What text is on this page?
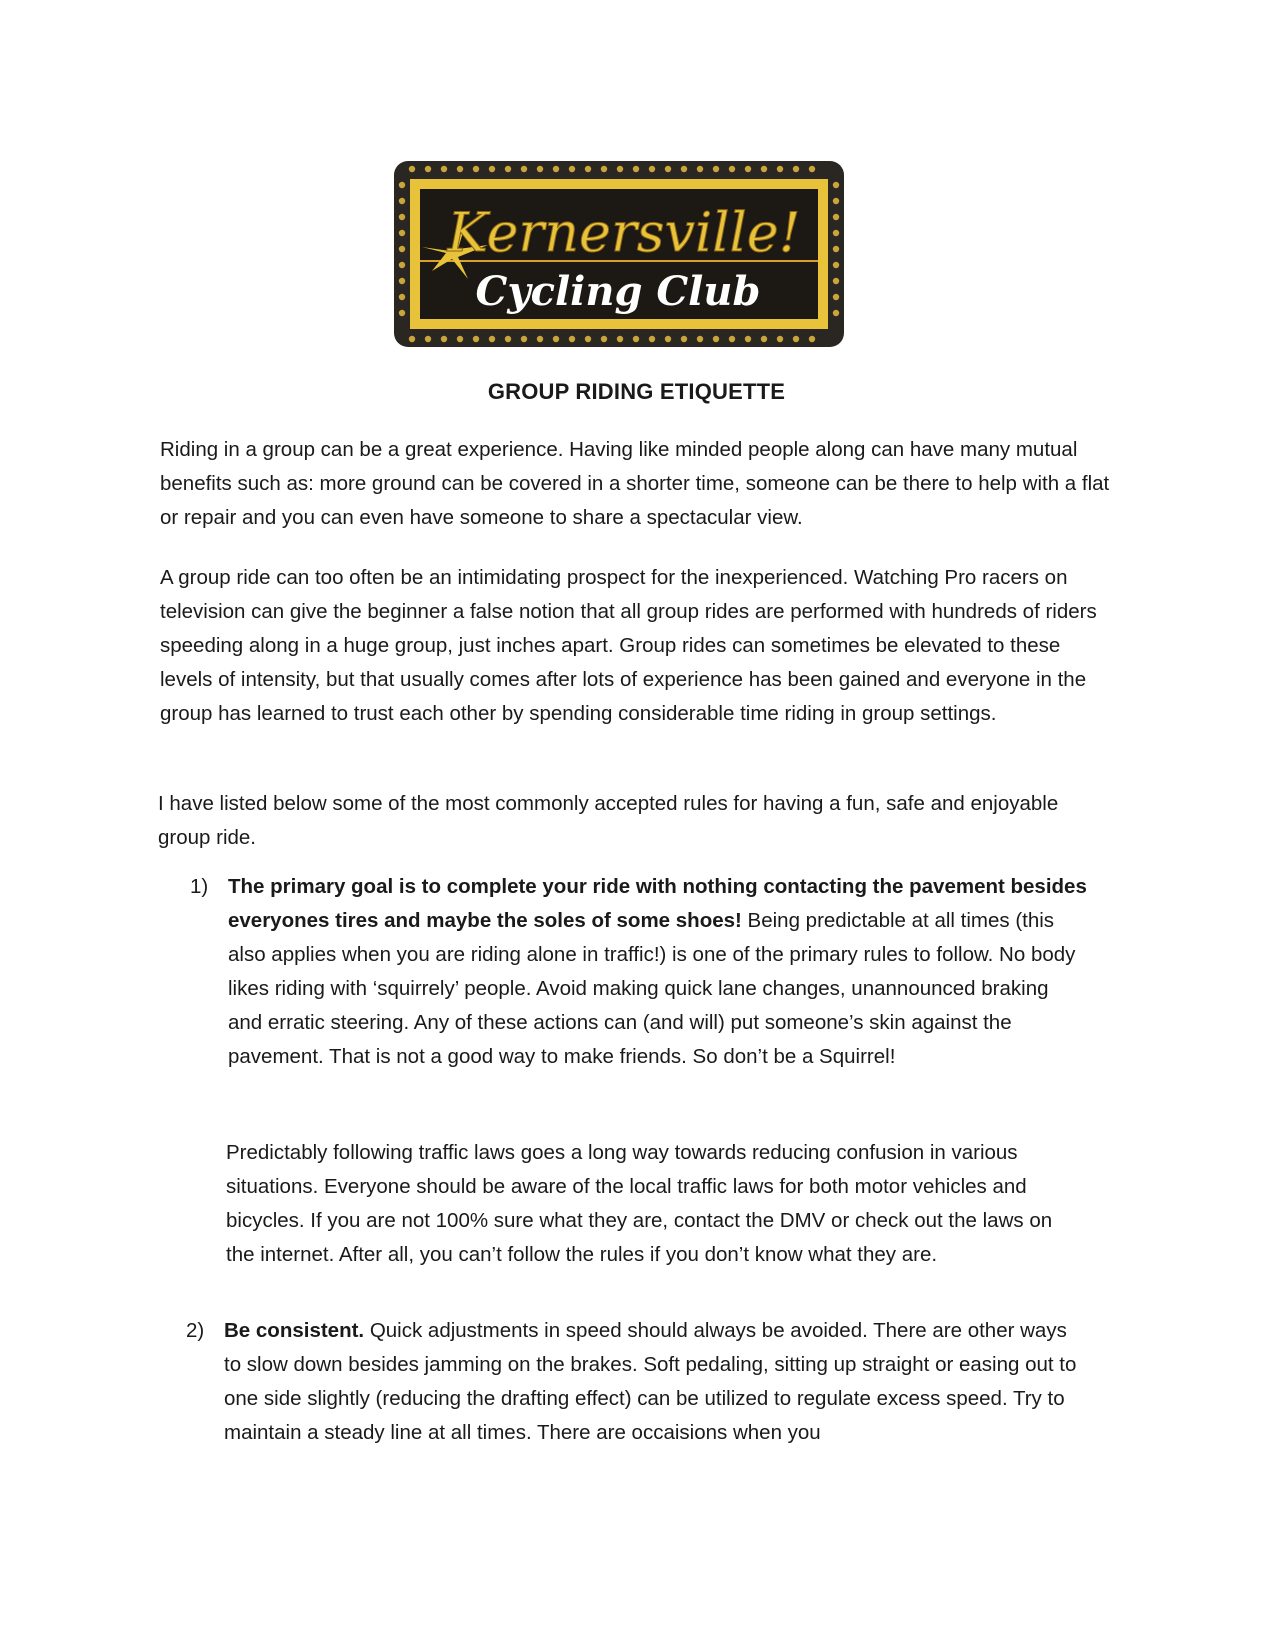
Kernersville!
Cycling Club
GROUP RIDING ETIQUETTE

Riding in a group can be a great experience. Having like minded people along can have many mutual benefits such as: more ground can be covered in a shorter time, someone can be there to help with a flat or repair and you can even have someone to share a spectacular view.

A group ride can too often be an intimidating prospect for the inexperienced. Watching Pro racers on television can give the beginner a false notion that all group rides are performed with hundreds of riders speeding along in a huge group, just inches apart. Group rides can sometimes be elevated to these levels of intensity, but that usually comes after lots of experience has been gained and everyone in the group has learned to trust each other by spending considerable time riding in group settings.

I have listed below some of the most commonly accepted rules for having a fun, safe and enjoyable group ride.

1) The primary goal is to complete your ride with nothing contacting the pavement besides everyones tires and maybe the soles of some shoes! Being predictable at all times (this also applies when you are riding alone in traffic!) is one of the primary rules to follow. No body likes riding with ‘squirrely’ people. Avoid making quick lane changes, unannounced braking and erratic steering. Any of these actions can (and will) put someone’s skin against the pavement. That is not a good way to make friends. So don’t be a Squirrel!

Predictably following traffic laws goes a long way towards reducing confusion in various situations. Everyone should be aware of the local traffic laws for both motor vehicles and bicycles. If you are not 100% sure what they are, contact the DMV or check out the laws on the internet. After all, you can’t follow the rules if you don’t know what they are.

2) Be consistent. Quick adjustments in speed should always be avoided. There are other ways to slow down besides jamming on the brakes. Soft pedaling, sitting up straight or easing out to one side slightly (reducing the drafting effect) can be utilized to regulate excess speed. Try to maintain a steady line at all times. There are occaisions when you
